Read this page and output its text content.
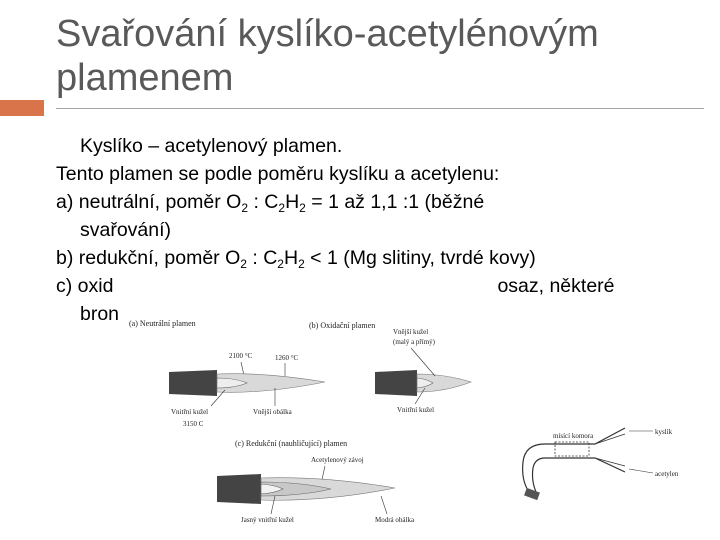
Svařování kyslíko-acetylénovým plamenem
Kyslíko – acetylenový plamen.
Tento plamen se podle poměru kyslíku a acetylenu:
a) neutrální, poměr $O_2$ : $C_2H_2 = 1$ až 1,1 :1 (běžné
svařování)
b) redukční, poměr $O_2$ : $C_2H_2 < 1$ (Mg slitiny, tvrdé kovy)
c) oxid	osaz, některé
bron	(a) Neutrální plamen
2100 °C	1260 °C
Vnitřní kužel
3150 C
Vnější obálka
(b) Oxidační plamen
Vnější kužel
(malý a přímý)
Vnitřní kužel
(c) Redukční (nauhličující) plamen
Acetylenový závoj
Jasný vnitřní kužel	Modrá obálka
mísící komora	kyslík
acetylen
